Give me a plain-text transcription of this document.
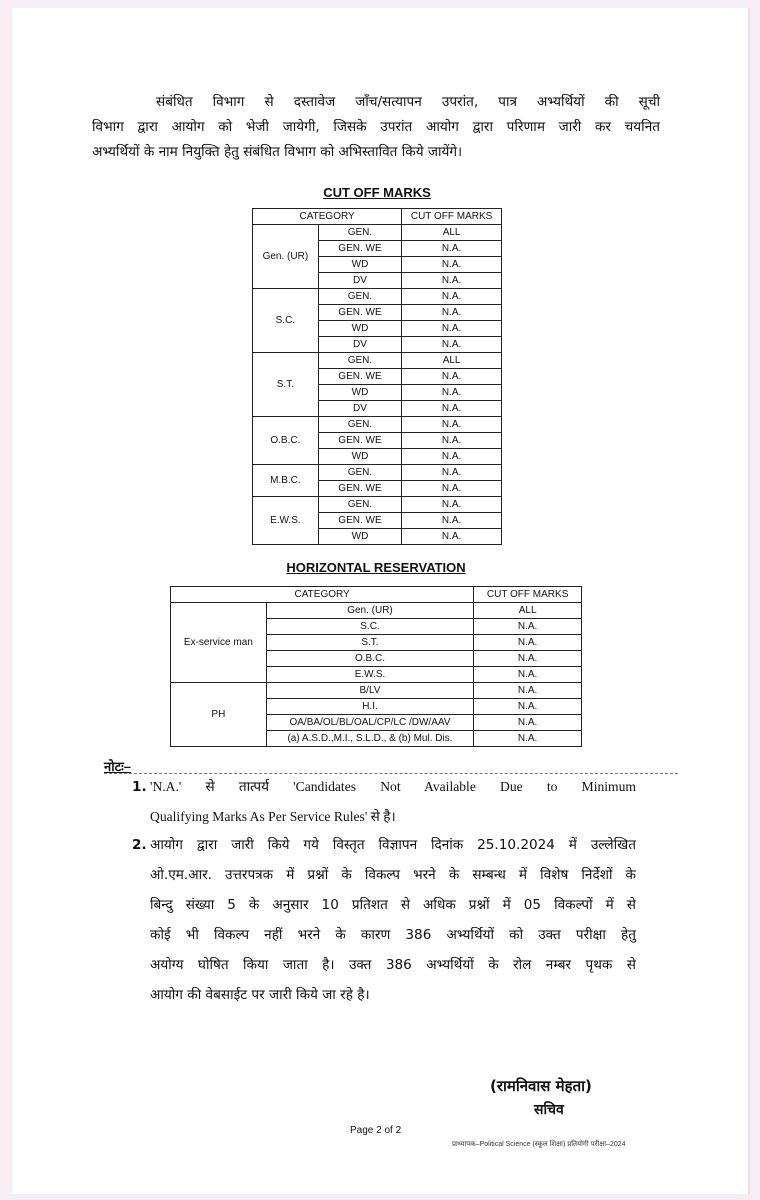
संबंधित विभाग से दस्तावेज जाँच/सत्यापन उपरांत, पात्र अभ्यर्थियों की सूची
विभाग द्वारा आयोग को भेजी जायेगी, जिसके उपरांत आयोग द्वारा परिणाम जारी कर चयनित
अभ्यर्थियों के नाम नियुक्ति हेतु संबंधित विभाग को अभिस्तावित किये जायेंगे।
CUT OFF MARKS
CATEGORY		CUT OFF MARKS
Gen. (UR)	GEN.	ALL
	GEN. WE	N.A.
	WD	N.A.
	DV	N.A.
S.C.	GEN.	N.A.
	GEN. WE	N.A.
	WD	N.A.
	DV	N.A.
S.T.	GEN.	ALL
	GEN. WE	N.A.
	WD	N.A.
	DV	N.A.
O.B.C.	GEN.	N.A.
	GEN. WE	N.A.
	WD	N.A.
M.B.C.	GEN.	N.A.
	GEN. WE	N.A.
E.W.S.	GEN.	N.A.
	GEN. WE	N.A.
	WD	N.A.
HORIZONTAL RESERVATION
CATEGORY		CUT OFF MARKS
Ex-service man	Gen. (UR)	ALL
	S.C.	N.A.
	S.T.	N.A.
	O.B.C.	N.A.
	E.W.S.	N.A.
PH	B/LV	N.A.
	H.I.	N.A.
	OA/BA/OL/BL/OAL/CP/LC /DW/AAV	N.A.
	(a) A.S.D.,M.I., S.L.D., & (b) Mul. Dis.	N.A.
नोटः–
1. 'N.A.' से तात्पर्य 'Candidates Not Available Due to Minimum
Qualifying Marks As Per Service Rules' से है।
2. आयोग द्वारा जारी किये गये विस्तृत विज्ञापन दिनांक 25.10.2024 में उल्लेखित
ओ.एम.आर. उत्तरपत्रक में प्रश्नों के विकल्प भरने के सम्बन्ध में विशेष निर्देशों के
बिन्दु संख्या 5 के अनुसार 10 प्रतिशत से अधिक प्रश्नों में 05 विकल्पों में से
कोई भी विकल्प नहीं भरने के कारण 386 अभ्यर्थियों को उक्त परीक्षा हेतु
अयोग्य घोषित किया जाता है। उक्त 386 अभ्यर्थियों के रोल नम्बर पृथक से
आयोग की वेबसाईट पर जारी किये जा रहे है।
(रामनिवास मेहता)
सचिव
Page 2 of 2
प्राध्यापक–Political Science (स्कूल शिक्षा) प्रतियोगी परीक्षा–2024
